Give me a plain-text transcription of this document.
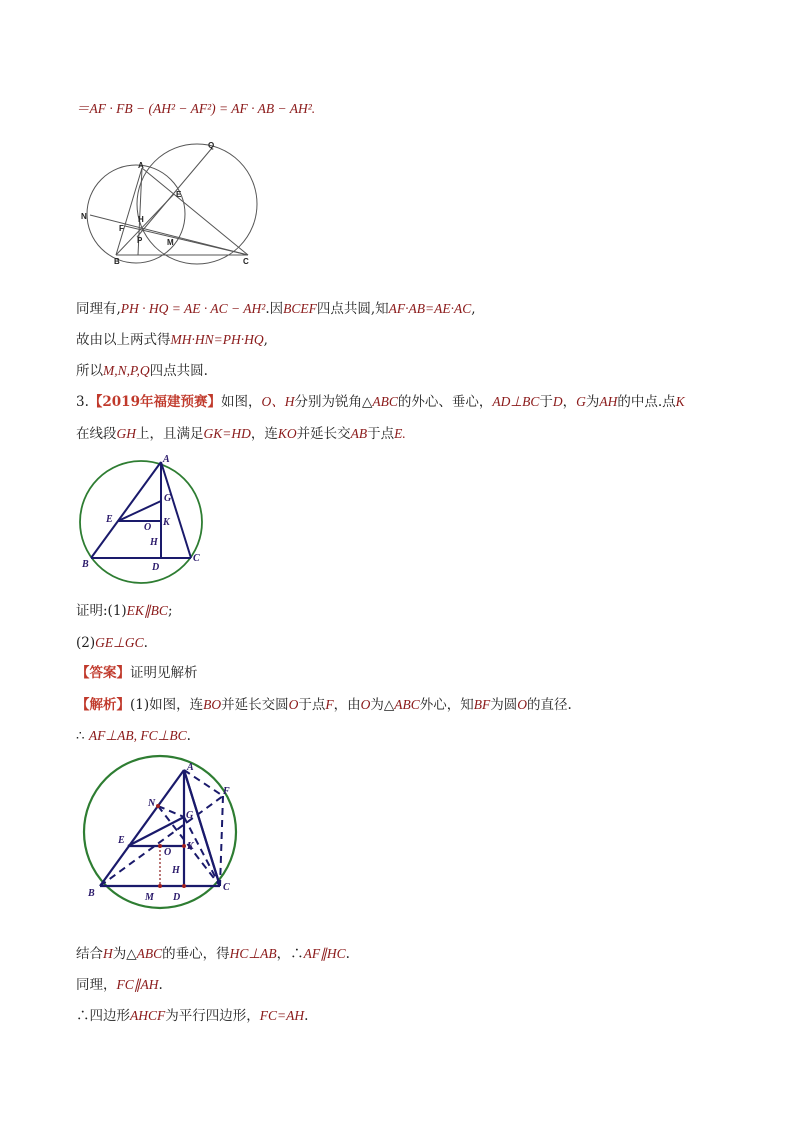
＝AF · FB − (AH² − AF²) = AF · AB − AH².
A
Q
E
N	H
F
P	M
B	C
同理有,PH · HQ = AE · AC − AH².因BCEF四点共圆,知AF·AB=AE·AC,
故由以上两式得MH·HN=PH·HQ,
所以M,N,P,Q四点共圆.
3.【2019年福建预赛】如图，O、H分别为锐角△ABC的外心、垂心，AD⊥BC于D，G为AH的中点.点K
在线段GH上，且满足GK=HD，连KO并延长交AB于点E.
A
G
E
O K
H
B	D
C
证明:(1)EK∥BC;
(2)GE⊥GC.
【答案】证明见解析
【解析】(1)如图，连BO并延长交圆O于点F，由O为△ABC外心，知BF为圆O的直径.
∴ AF⊥AB, FC⊥BC.
A
F
N
G
E
O
K
H
B	M D
C
结合H为△ABC的垂心，得HC⊥AB，∴AF∥HC.
同理，FC∥AH.
∴四边形AHCF为平行四边形，FC=AH.
